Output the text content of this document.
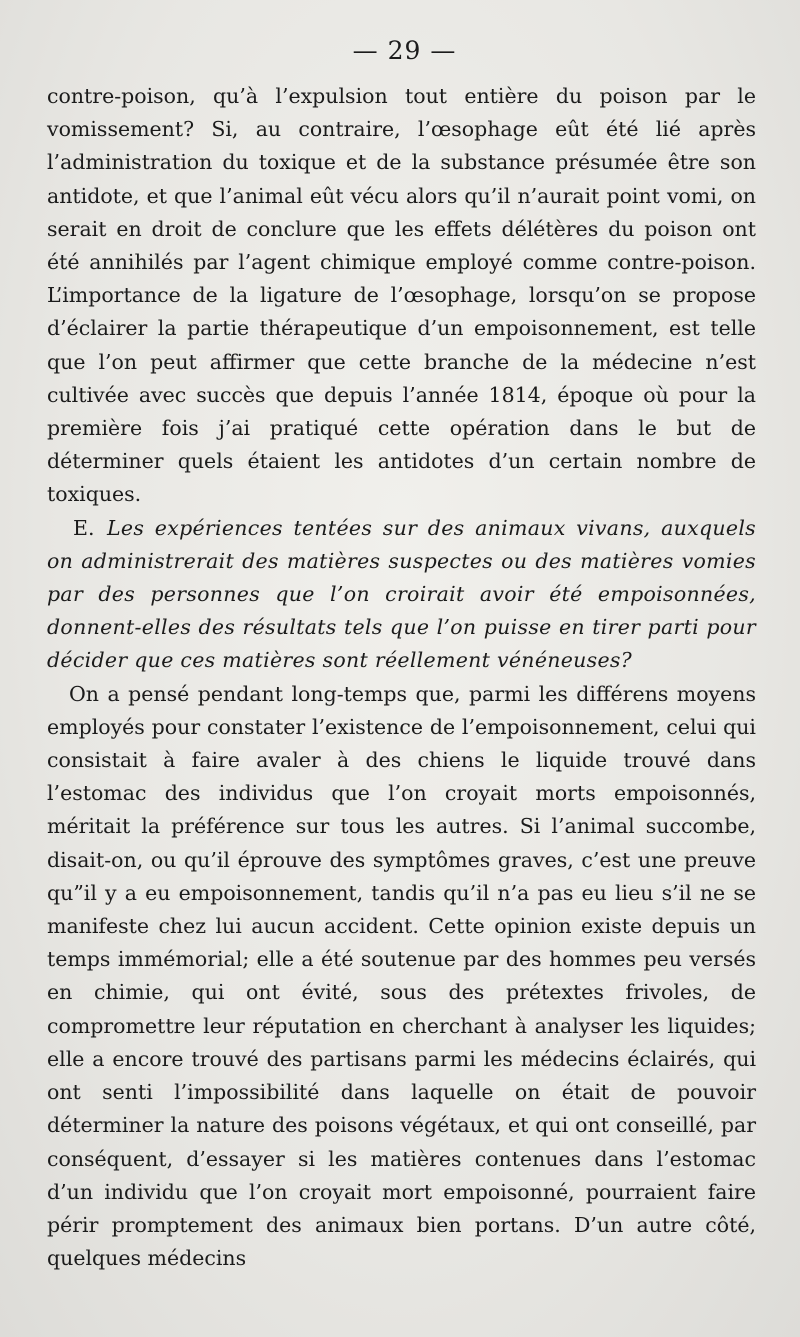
— 29 —

contre-poison, qu’à l’expulsion tout entière du poison par le vomissement? Si, au contraire, l’œsophage eût été lié après l’administration du toxique et de la substance présumée être son antidote, et que l’animal eût vécu alors qu’il n’aurait point vomi, on serait en droit de conclure que les effets délétères du poison ont été annihilés par l’agent chimique employé comme contre-poison. L’importance de la ligature de l’œsophage, lorsqu’on se propose d’éclairer la partie thérapeutique d’un empoisonnement, est telle que l’on peut affirmer que cette branche de la médecine n’est cultivée avec succès que depuis l’année 1814, époque où pour la première fois j’ai pratiqué cette opération dans le but de déterminer quels étaient les antidotes d’un certain nombre de toxiques.

E. Les expériences tentées sur des animaux vivans, auxquels on administrerait des matières suspectes ou des matières vomies par des personnes que l’on croirait avoir été empoisonnées, donnent-elles des résultats tels que l’on puisse en tirer parti pour décider que ces matières sont réellement vénéneuses?

On a pensé pendant long-temps que, parmi les différens moyens employés pour constater l’existence de l’empoisonnement, celui qui consistait à faire avaler à des chiens le liquide trouvé dans l’estomac des individus que l’on croyait morts empoisonnés, méritait la préférence sur tous les autres. Si l’animal succombe, disait-on, ou qu’il éprouve des symptômes graves, c’est une preuve qu”il y a eu empoisonnement, tandis qu’il n’a pas eu lieu s’il ne se manifeste chez lui aucun accident. Cette opinion existe depuis un temps immémorial; elle a été soutenue par des hommes peu versés en chimie, qui ont évité, sous des prétextes frivoles, de compromettre leur réputation en cherchant à analyser les liquides; elle a encore trouvé des partisans parmi les médecins éclairés, qui ont senti l’impossibilité dans laquelle on était de pouvoir déterminer la nature des poisons végétaux, et qui ont conseillé, par conséquent, d’essayer si les matières contenues dans l’estomac d’un individu que l’on croyait mort empoisonné, pourraient faire périr promptement des animaux bien portans. D’un autre côté, quelques médecins
